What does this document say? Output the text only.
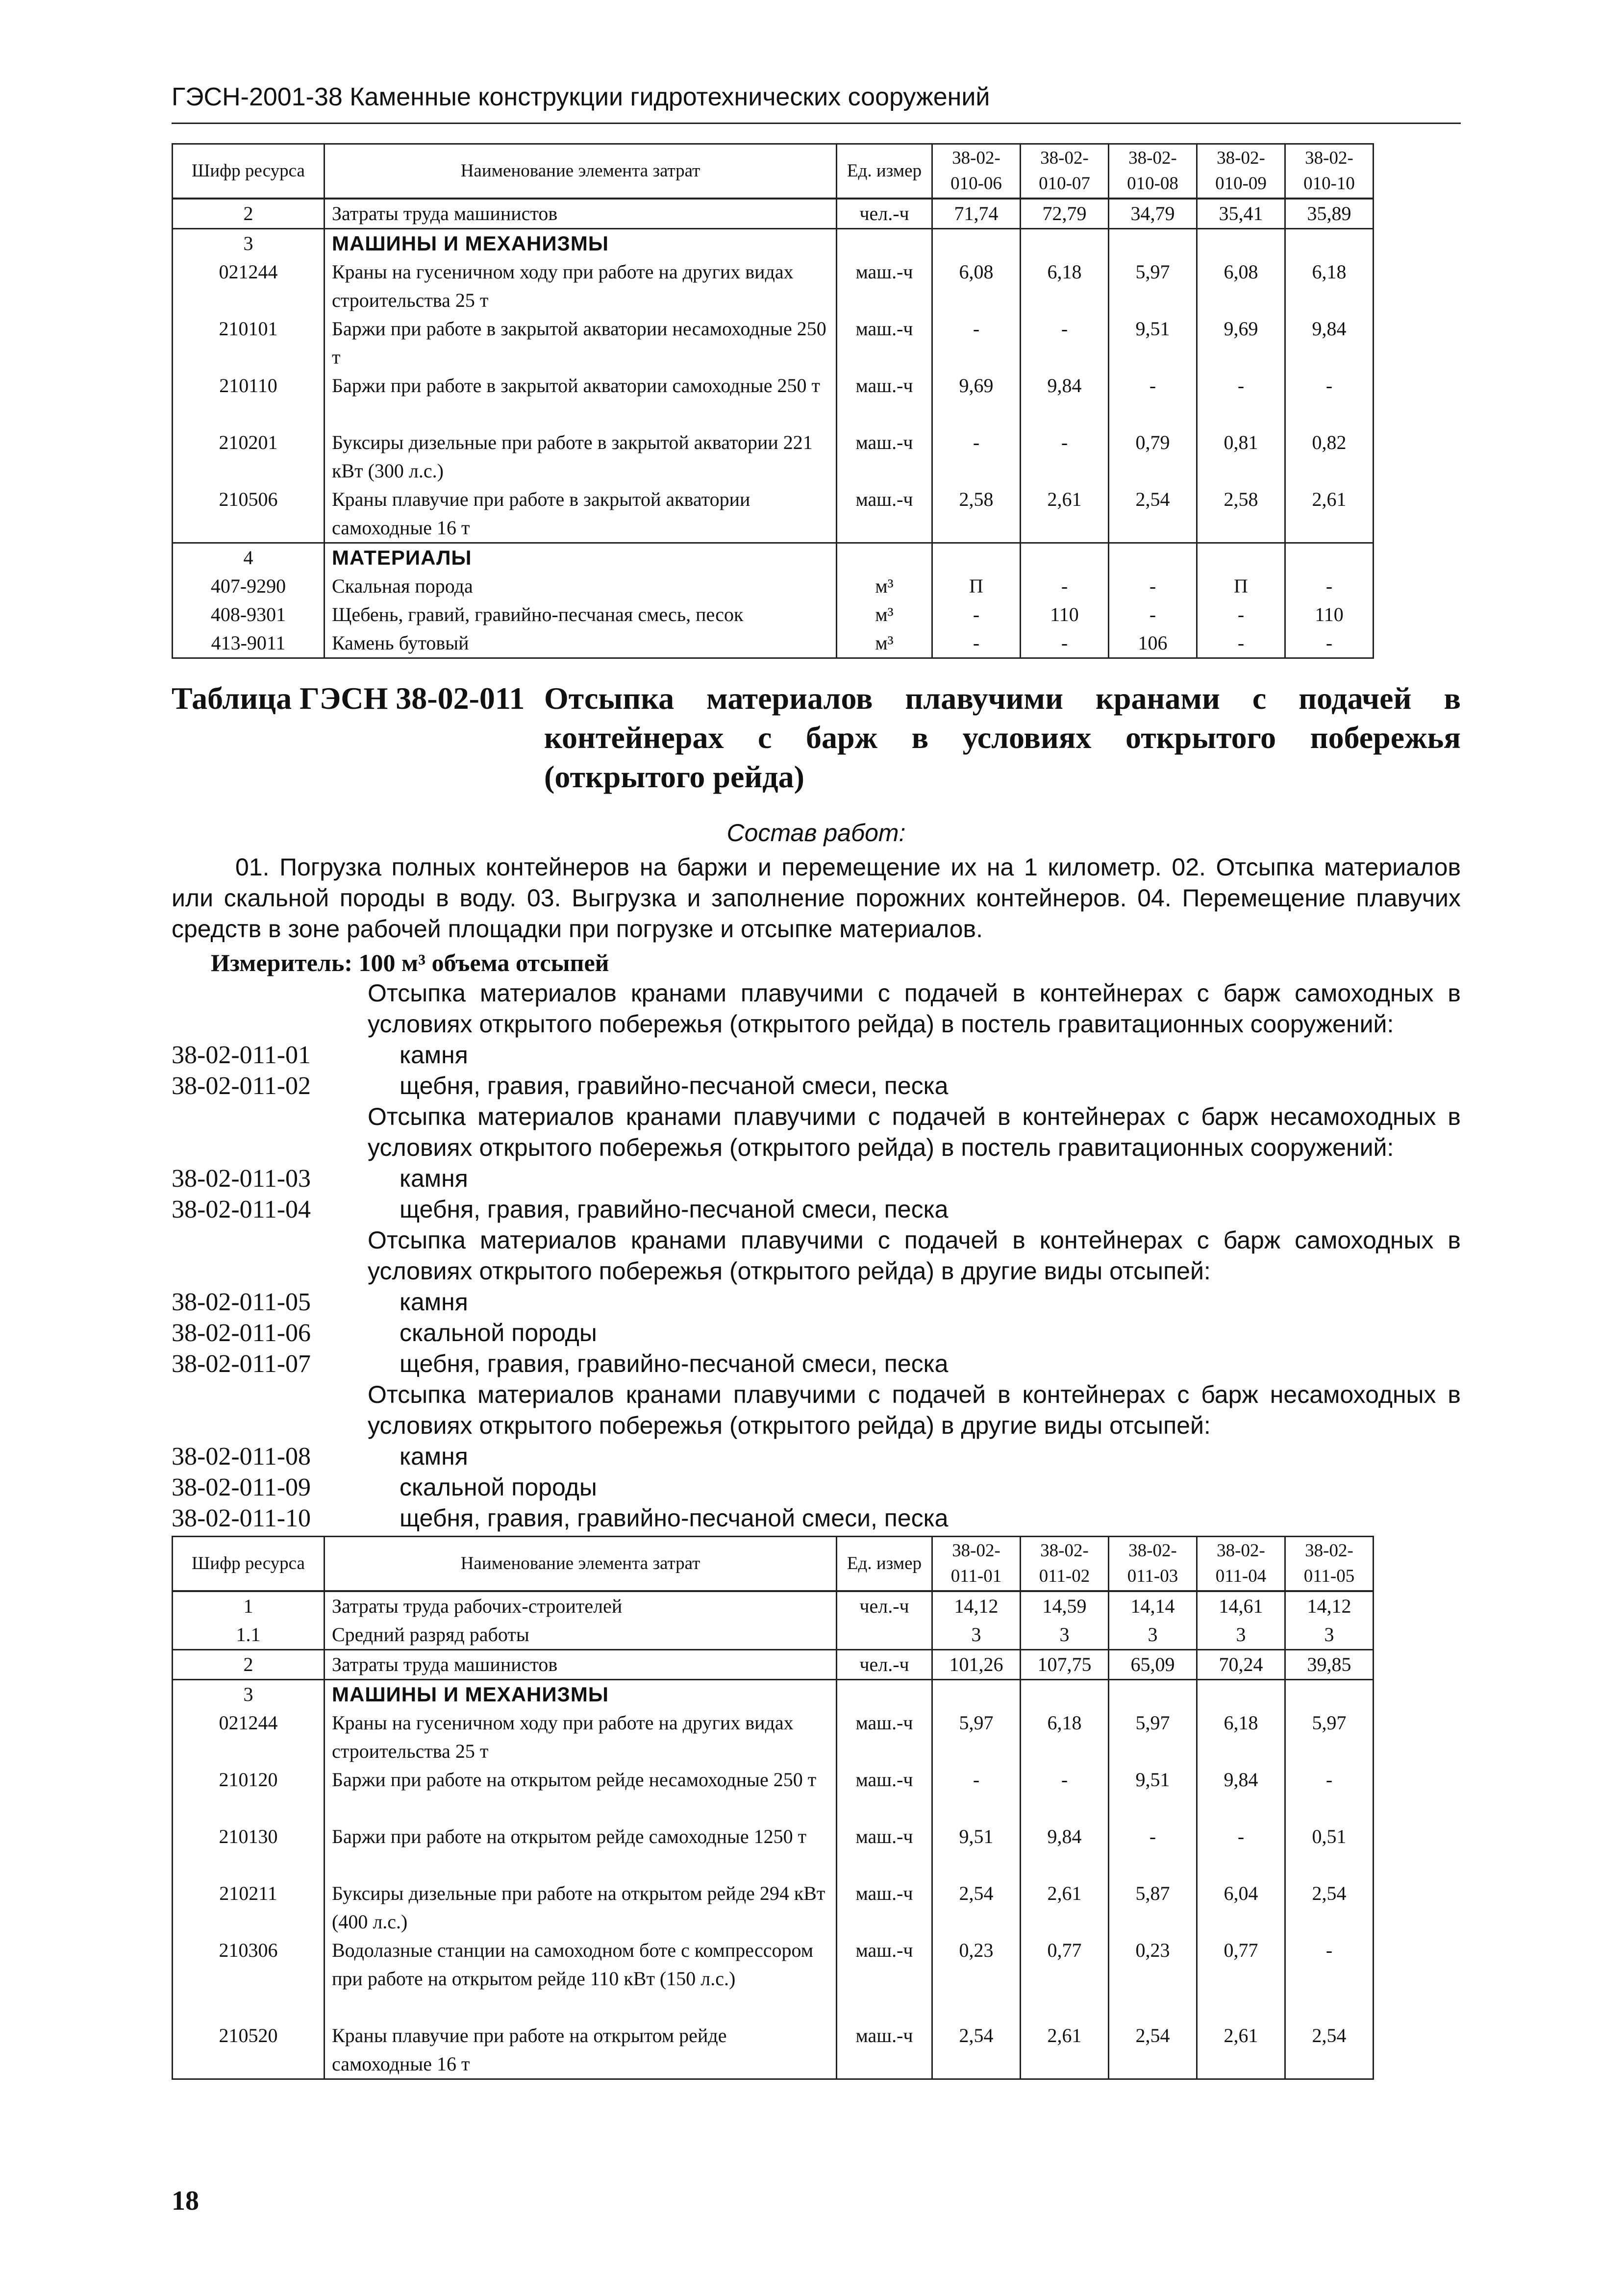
ГЭСН-2001-38 Каменные конструкции гидротехнических сооружений
Шифр ресурса	Наименование элемента затрат	Ед. измер	38-02-010-06	38-02-010-07	38-02-010-08	38-02-010-09	38-02-010-10
2	Затраты труда машинистов	чел.-ч	71,74	72,79	34,79	35,41	35,89
3	МАШИНЫ И МЕХАНИЗМЫ						
021244	Краны на гусеничном ходу при работе на других видах строительства 25 т	маш.-ч	6,08	6,18	5,97	6,08	6,18
210101	Баржи при работе в закрытой акватории несамоходные 250 т	маш.-ч	-	-	9,51	9,69	9,84
210110	Баржи при работе в закрытой акватории самоходные 250 т	маш.-ч	9,69	9,84	-	-	-
210201	Буксиры дизельные при работе в закрытой акватории 221 кВт (300 л.с.)	маш.-ч	-	-	0,79	0,81	0,82
210506	Краны плавучие при работе в закрытой акватории самоходные 16 т	маш.-ч	2,58	2,61	2,54	2,58	2,61
4	МАТЕРИАЛЫ						
407-9290	Скальная порода	м³	П	-	-	П	-
408-9301	Щебень, гравий, гравийно-песчаная смесь, песок	м³	-	110	-	-	110
413-9011	Камень бутовый	м³	-	-	106	-	-
Таблица ГЭСН 38-02-011 Отсыпка материалов плавучими кранами с подачей в контейнерах с барж в условиях открытого побережья (открытого рейда)
Состав работ:
01. Погрузка полных контейнеров на баржи и перемещение их на 1 километр. 02. Отсыпка материалов или скальной породы в воду. 03. Выгрузка и заполнение порожних контейнеров. 04. Перемещение плавучих средств в зоне рабочей площадки при погрузке и отсыпке материалов.
Измеритель: 100 м³ объема отсыпей
Отсыпка материалов кранами плавучими с подачей в контейнерах с барж самоходных в условиях открытого побережья (открытого рейда) в постель гравитационных сооружений:
38-02-011-01	камня
38-02-011-02	щебня, гравия, гравийно-песчаной смеси, песка
Отсыпка материалов кранами плавучими с подачей в контейнерах с барж несамоходных в условиях открытого побережья (открытого рейда) в постель гравитационных сооружений:
38-02-011-03	камня
38-02-011-04	щебня, гравия, гравийно-песчаной смеси, песка
Отсыпка материалов кранами плавучими с подачей в контейнерах с барж самоходных в условиях открытого побережья (открытого рейда) в другие виды отсыпей:
38-02-011-05	камня
38-02-011-06	скальной породы
38-02-011-07	щебня, гравия, гравийно-песчаной смеси, песка
Отсыпка материалов кранами плавучими с подачей в контейнерах с барж несамоходных в условиях открытого побережья (открытого рейда) в другие виды отсыпей:
38-02-011-08	камня
38-02-011-09	скальной породы
38-02-011-10	щебня, гравия, гравийно-песчаной смеси, песка
Шифр ресурса	Наименование элемента затрат	Ед. измер	38-02-011-01	38-02-011-02	38-02-011-03	38-02-011-04	38-02-011-05
1	Затраты труда рабочих-строителей	чел.-ч	14,12	14,59	14,14	14,61	14,12
1.1	Средний разряд работы		3	3	3	3	3
2	Затраты труда машинистов	чел.-ч	101,26	107,75	65,09	70,24	39,85
3	МАШИНЫ И МЕХАНИЗМЫ						
021244	Краны на гусеничном ходу при работе на других видах строительства 25 т	маш.-ч	5,97	6,18	5,97	6,18	5,97
210120	Баржи при работе на открытом рейде несамоходные 250 т	маш.-ч	-	-	9,51	9,84	-
210130	Баржи при работе на открытом рейде самоходные 1250 т	маш.-ч	9,51	9,84	-	-	0,51
210211	Буксиры дизельные при работе на открытом рейде 294 кВт (400 л.с.)	маш.-ч	2,54	2,61	5,87	6,04	2,54
210306	Водолазные станции на самоходном боте с компрессором при работе на открытом рейде 110 кВт (150 л.с.)	маш.-ч	0,23	0,77	0,23	0,77	-
210520	Краны плавучие при работе на открытом рейде самоходные 16 т	маш.-ч	2,54	2,61	2,54	2,61	2,54
18
